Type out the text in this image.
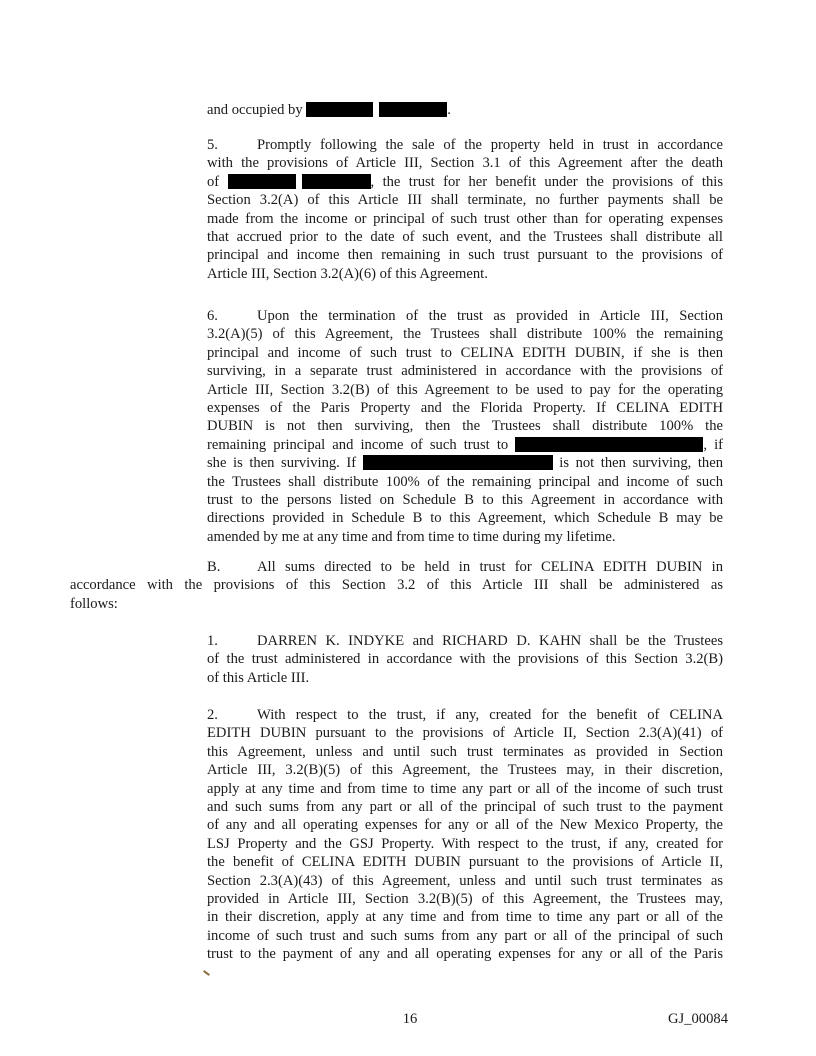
and occupied by	.
5.	Promptly following the sale of the property held in trust in accordance
with the provisions of Article III, Section 3.1 of this Agreement after the death
of	, the trust for her benefit under the provisions of this
Section 3.2(A) of this Article III shall terminate, no further payments shall be
made from the income or principal of such trust other than for operating expenses
that accrued prior to the date of such event, and the Trustees shall distribute all
principal and income then remaining in such trust pursuant to the provisions of
Article III, Section 3.2(A)(6) of this Agreement.
6.	Upon the termination of the trust as provided in Article III, Section
3.2(A)(5) of this Agreement, the Trustees shall distribute 100% the remaining
principal and income of such trust to CELINA EDITH DUBIN, if she is then
surviving, in a separate trust administered in accordance with the provisions of
Article III, Section 3.2(B) of this Agreement to be used to pay for the operating
expenses of the Paris Property and the Florida Property. If CELINA EDITH
DUBIN is not then surviving, then the Trustees shall distribute 100% the
remaining principal and income of such trust to	, if
she is then surviving. If	is not then surviving, then
the Trustees shall distribute 100% of the remaining principal and income of such
trust to the persons listed on Schedule B to this Agreement in accordance with
directions provided in Schedule B to this Agreement, which Schedule B may be
amended by me at any time and from time to time during my lifetime.
B.	All sums directed to be held in trust for CELINA EDITH DUBIN in
accordance with the provisions of this Section 3.2 of this Article III shall be administered as
follows:
1.	DARREN K. INDYKE and RICHARD D. KAHN shall be the Trustees
of the trust administered in accordance with the provisions of this Section 3.2(B)
of this Article III.
2.	With respect to the trust, if any, created for the benefit of CELINA
EDITH DUBIN pursuant to the provisions of Article II, Section 2.3(A)(41) of
this Agreement, unless and until such trust terminates as provided in Section
Article III, 3.2(B)(5) of this Agreement, the Trustees may, in their discretion,
apply at any time and from time to time any part or all of the income of such trust
and such sums from any part or all of the principal of such trust to the payment
of any and all operating expenses for any or all of the New Mexico Property, the
LSJ Property and the GSJ Property. With respect to the trust, if any, created for
the benefit of CELINA EDITH DUBIN pursuant to the provisions of Article II,
Section 2.3(A)(43) of this Agreement, unless and until such trust terminates as
provided in Article III, Section 3.2(B)(5) of this Agreement, the Trustees may,
in their discretion, apply at any time and from time to time any part or all of the
income of such trust and such sums from any part or all of the principal of such
trust to the payment of any and all operating expenses for any or all of the Paris
16	GJ_00084
